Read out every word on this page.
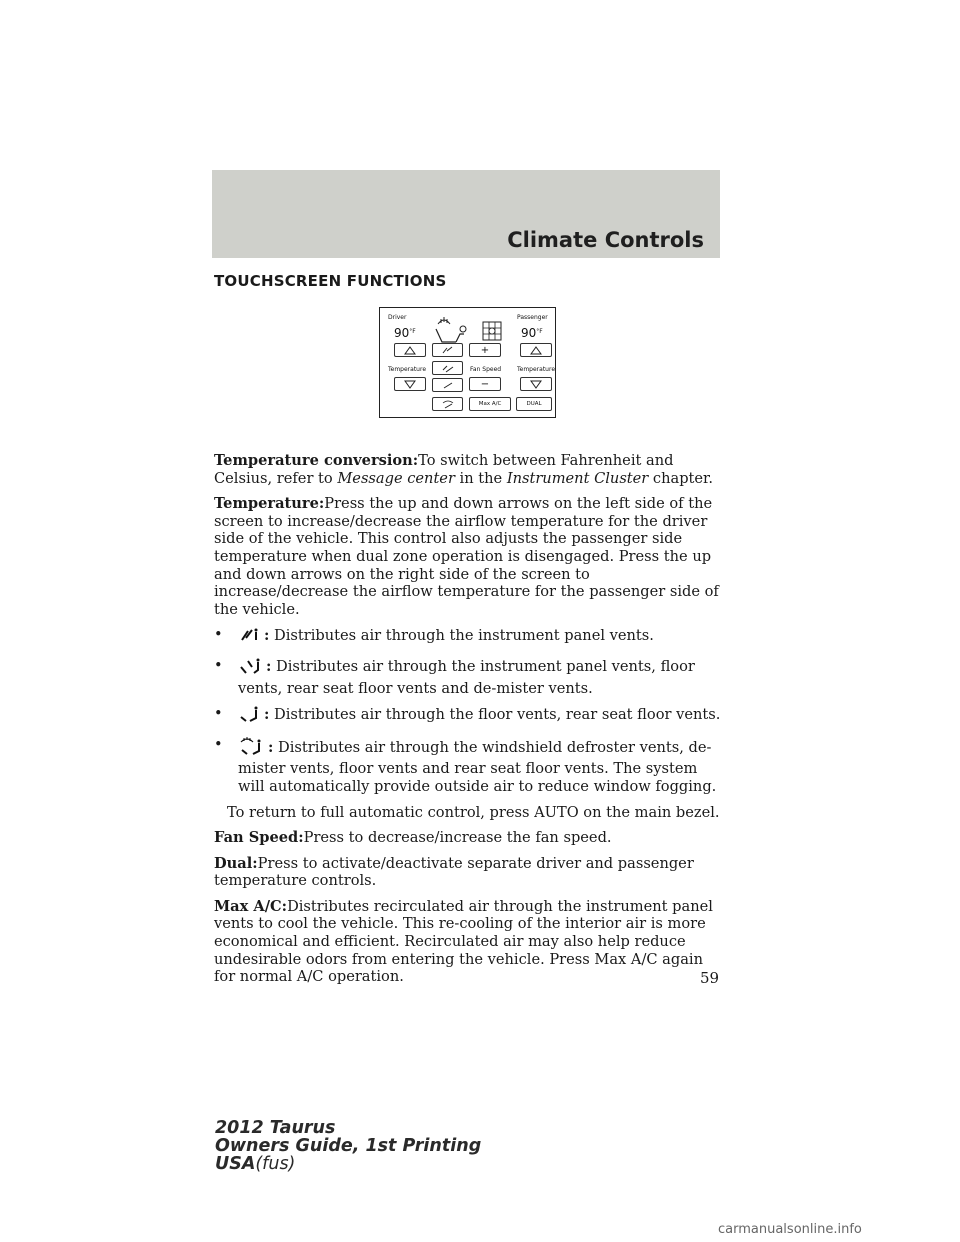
Climate Controls
TOUCHSCREEN FUNCTIONS
Driver	Passenger
$90^{^\circ F}$	$90^{^\circ F}$
+
Temperature	Fan Speed	Temperature
−
Max A/C	DUAL

Temperature conversion:To switch between Fahrenheit and Celsius, refer to Message center in the Instrument Cluster chapter.

Temperature:Press the up and down arrows on the left side of the screen to increase/decrease the airflow temperature for the driver side of the vehicle. This control also adjusts the passenger side temperature when dual zone operation is disengaged. Press the up and down arrows on the right side of the screen to increase/decrease the airflow temperature for the passenger side of the vehicle.

•	: Distributes air through the instrument panel vents.
•	: Distributes air through the instrument panel vents, floor vents, rear seat floor vents and de-mister vents.
•	: Distributes air through the floor vents, rear seat floor vents.
•	: Distributes air through the windshield defroster vents, de-mister vents, floor vents and rear seat floor vents. The system will automatically provide outside air to reduce window fogging.

To return to full automatic control, press AUTO on the main bezel.

Fan Speed:Press to decrease/increase the fan speed.

Dual:Press to activate/deactivate separate driver and passenger temperature controls.

Max A/C:Distributes recirculated air through the instrument panel vents to cool the vehicle. This re-cooling of the interior air is more economical and efficient. Recirculated air may also help reduce undesirable odors from entering the vehicle. Press Max A/C again for normal A/C operation.	59
2012 Taurus
Owners Guide, 1st Printing
USA(fus)
carmanualsonline.info
